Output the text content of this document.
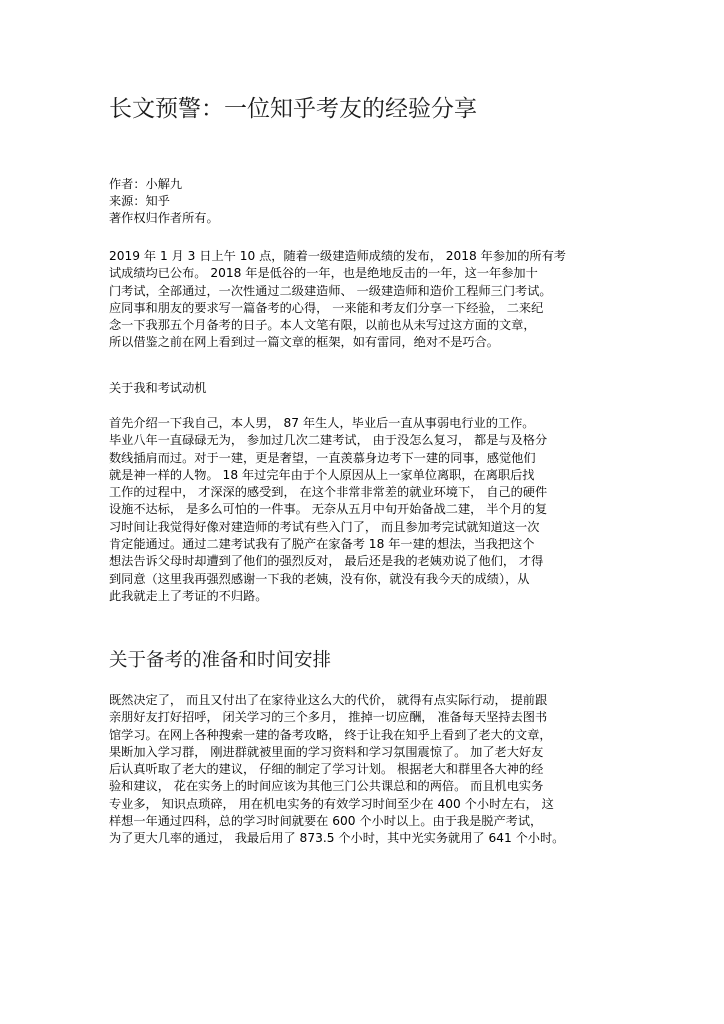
长文预警：一位知乎考友的经验分享
作者：小解九
来源：知乎
著作权归作者所有。
2019 年 1 月 3 日上午 10 点，随着一级建造师成绩的发布， 2018 年参加的所有考
试成绩均已公布。 2018 年是低谷的一年，也是绝地反击的一年，这一年参加十
门考试，全部通过，一次性通过二级建造师、 一级建造师和造价工程师三门考试。
应同事和朋友的要求写一篇备考的心得， 一来能和考友们分享一下经验， 二来纪
念一下我那五个月备考的日子。本人文笔有限，以前也从未写过这方面的文章，
所以借鉴之前在网上看到过一篇文章的框架，如有雷同，绝对不是巧合。
关于我和考试动机
首先介绍一下我自己，本人男， 87 年生人，毕业后一直从事弱电行业的工作。
毕业八年一直碌碌无为， 参加过几次二建考试， 由于没怎么复习， 都是与及格分
数线插肩而过。对于一建，更是奢望，一直羡慕身边考下一建的同事，感觉他们
就是神一样的人物。 18 年过完年由于个人原因从上一家单位离职，在离职后找
工作的过程中， 才深深的感受到， 在这个非常非常差的就业环境下， 自己的硬件
设施不达标， 是多么可怕的一件事。 无奈从五月中旬开始备战二建， 半个月的复
习时间让我觉得好像对建造师的考试有些入门了， 而且参加考完试就知道这一次
肯定能通过。通过二建考试我有了脱产在家备考 18 年一建的想法，当我把这个
想法告诉父母时却遭到了他们的强烈反对， 最后还是我的老姨劝说了他们， 才得
到同意（这里我再强烈感谢一下我的老姨，没有你，就没有我今天的成绩），从
此我就走上了考证的不归路。
关于备考的准备和时间安排
既然决定了， 而且又付出了在家待业这么大的代价， 就得有点实际行动， 提前跟
亲朋好友打好招呼， 闭关学习的三个多月， 推掉一切应酬， 准备每天坚持去图书
馆学习。在网上各种搜索一建的备考攻略， 终于让我在知乎上看到了老大的文章，
果断加入学习群， 刚进群就被里面的学习资料和学习氛围震惊了。 加了老大好友
后认真听取了老大的建议， 仔细的制定了学习计划。 根据老大和群里各大神的经
验和建议， 花在实务上的时间应该为其他三门公共课总和的两倍。 而且机电实务
专业多， 知识点琐碎， 用在机电实务的有效学习时间至少在 400 个小时左右， 这
样想一年通过四科，总的学习时间就要在 600 个小时以上。由于我是脱产考试，
为了更大几率的通过， 我最后用了 873.5 个小时，其中光实务就用了 641 个小时。
